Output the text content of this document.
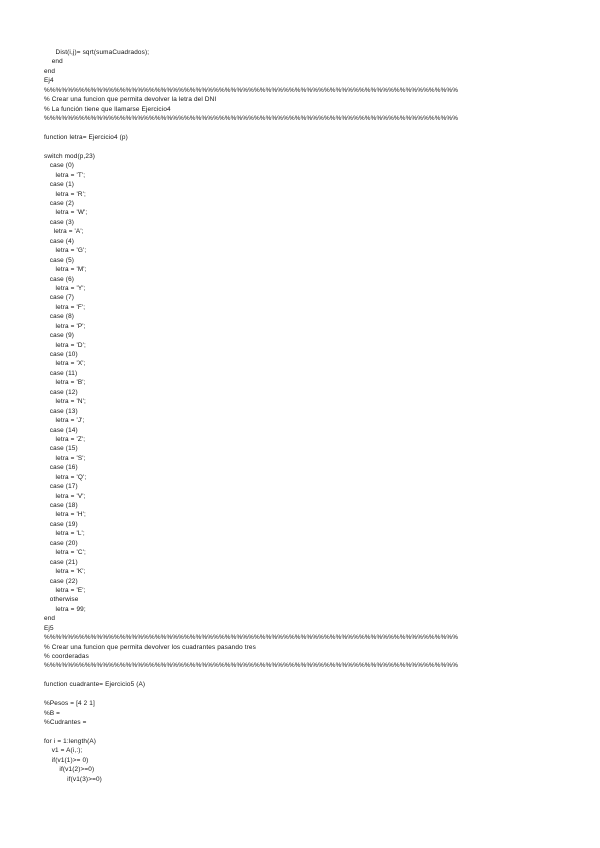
Dist(i,j)= sqrt(sumaCuadrados);
end
end
Ej4
%%%%%%%%%%%%%%%%%%%%%%%%%%%%%%%%%%%%%%%%%%%%%%%%%%%%%%%%%%%%%%%%%%%%%%%
% Crear una funcion que permita devolver la letra del DNI
% La función tiene que llamarse Ejercicio4
%%%%%%%%%%%%%%%%%%%%%%%%%%%%%%%%%%%%%%%%%%%%%%%%%%%%%%%%%%%%%%%%%%%%%%%
function letra= Ejercicio4 (p)
switch mod(p,23)
case (0)
letra = 'T';
case (1)
letra = 'R';
case (2)
letra = 'W';
case (3)
letra = 'A';
case (4)
letra = 'G';
case (5)
letra = 'M';
case (6)
letra = 'Y';
case (7)
letra = 'F';
case (8)
letra = 'P';
case (9)
letra = 'D';
case (10)
letra = 'X';
case (11)
letra = 'B';
case (12)
letra = 'N';
case (13)
letra = 'J';
case (14)
letra = 'Z';
case (15)
letra = 'S';
case (16)
letra = 'Q';
case (17)
letra = 'V';
case (18)
letra = 'H';
case (19)
letra = 'L';
case (20)
letra = 'C';
case (21)
letra = 'K';
case (22)
letra = 'E';
otherwise
letra = 99;
end
Ej5
%%%%%%%%%%%%%%%%%%%%%%%%%%%%%%%%%%%%%%%%%%%%%%%%%%%%%%%%%%%%%%%%%%%%%%%
% Crear una funcion que permita devolver los cuadrantes pasando tres
% coorderadas
%%%%%%%%%%%%%%%%%%%%%%%%%%%%%%%%%%%%%%%%%%%%%%%%%%%%%%%%%%%%%%%%%%%%%%%
function cuadrante= Ejercicio5 (A)
%Pesos = [4 2 1]
%B =
%Cudrantes =
for i = 1:length(A)
v1 = A(i,:);
if(v1(1)>= 0)
if(v1(2)>=0)
if(v1(3)>=0)
